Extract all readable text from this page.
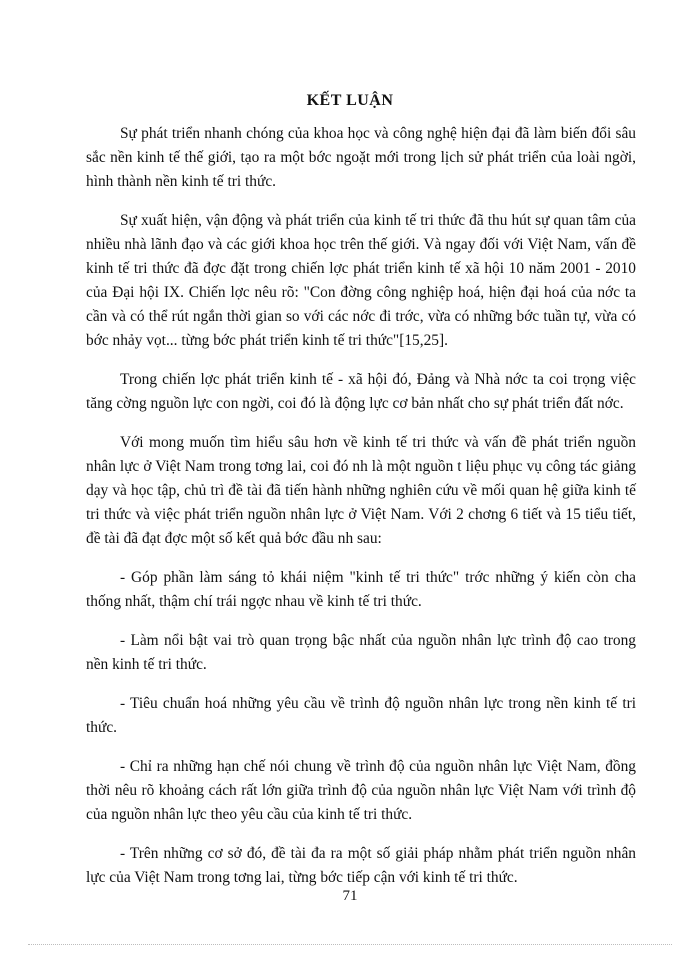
KẾT LUẬN

Sự phát triển nhanh chóng của khoa học và công nghệ hiện đại đã làm biến đổi sâu sắc nền kinh tế thế giới, tạo ra một bớc ngoặt mới trong lịch sử phát triển của loài ngời, hình thành nền kinh tế tri thức.

Sự xuất hiện, vận động và phát triển của kinh tế tri thức đã thu hút sự quan tâm của nhiều nhà lãnh đạo và các giới khoa học trên thế giới. Và ngay đối với Việt Nam, vấn đề kinh tế tri thức đã đợc đặt trong chiến lợc phát triển kinh tế xã hội 10 năm 2001 - 2010 của Đại hội IX. Chiến lợc nêu rõ: "Con đờng công nghiệp hoá, hiện đại hoá của nớc ta cần và có thể rút ngắn thời gian so với các nớc đi trớc, vừa có những bớc tuần tự, vừa có bớc nhảy vọt... từng bớc phát triển kinh tế tri thức"[15,25].

Trong chiến lợc phát triển kinh tế - xã hội đó, Đảng và Nhà nớc ta coi trọng việc tăng cờng nguồn lực con ngời, coi đó là động lực cơ bản nhất cho sự phát triển đất nớc.

Với mong muốn tìm hiểu sâu hơn về kinh tế tri thức và vấn đề phát triển nguồn nhân lực ở Việt Nam trong tơng lai, coi đó nh là một nguồn t liệu phục vụ công tác giảng dạy và học tập, chủ trì đề tài đã tiến hành những nghiên cứu về mối quan hệ giữa kinh tế tri thức và việc phát triển nguồn nhân lực ở Việt Nam. Với 2 chơng 6 tiết và 15 tiểu tiết, đề tài đã đạt đợc một số kết quả bớc đầu nh sau:

- Góp phần làm sáng tỏ khái niệm "kinh tế tri thức" trớc những ý kiến còn cha thống nhất, thậm chí trái ngợc nhau về kinh tế tri thức.

- Làm nổi bật vai trò quan trọng bậc nhất của nguồn nhân lực trình độ cao trong nền kinh tế tri thức.

- Tiêu chuẩn hoá những yêu cầu về trình độ nguồn nhân lực trong nền kinh tế tri thức.

- Chỉ ra những hạn chế nói chung về trình độ của nguồn nhân lực Việt Nam, đồng thời nêu rõ khoảng cách rất lớn giữa trình độ của nguồn nhân lực Việt Nam với trình độ của nguồn nhân lực theo yêu cầu của kinh tế tri thức.

- Trên những cơ sở đó, đề tài đa ra một số giải pháp nhằm phát triển nguồn nhân lực của Việt Nam trong tơng lai, từng bớc tiếp cận với kinh tế tri thức.

71
